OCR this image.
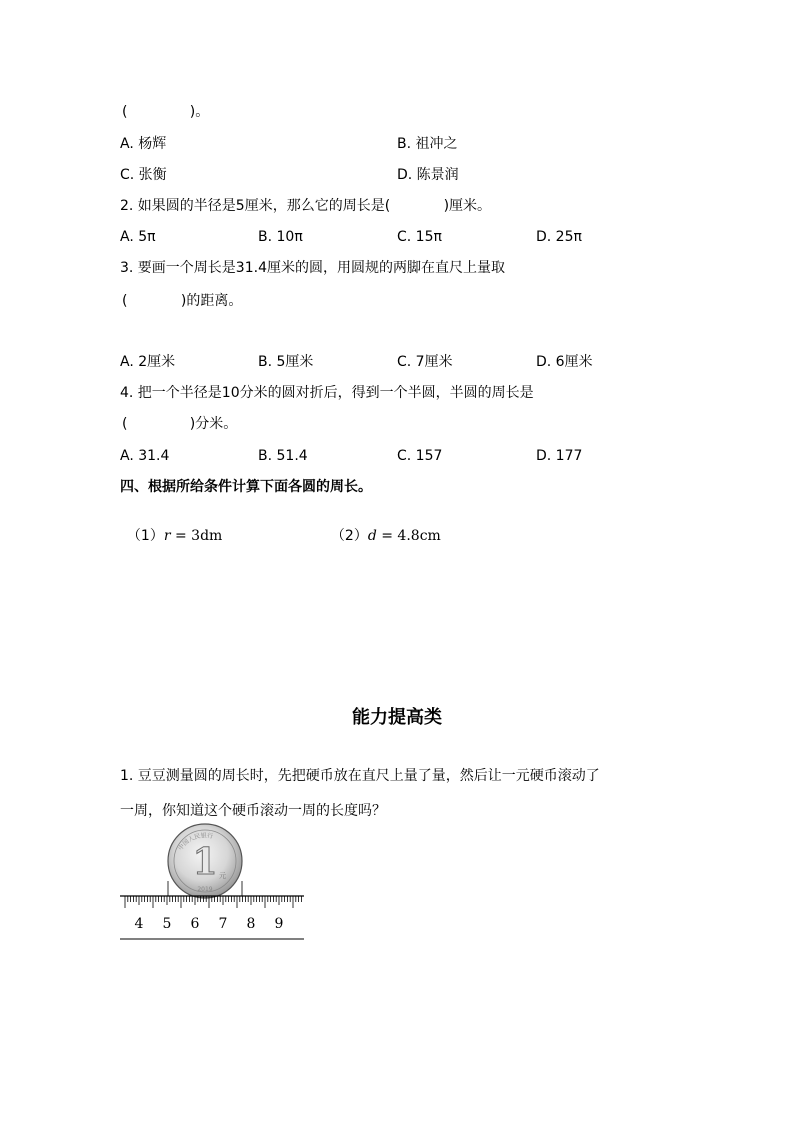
(              )。
A. 杨辉	B. 祖冲之
C. 张衡	D. 陈景润
2. 如果圆的半径是5厘米，那么它的周长是(            )厘米。
A. 5π	B. 10π	C. 15π	D. 25π
3. 要画一个周长是31.4厘米的圆，用圆规的两脚在直尺上量取
(            )的距离。
A. 2厘米	B. 5厘米	C. 7厘米	D. 6厘米
4. 把一个半径是10分米的圆对折后，得到一个半圆，半圆的周长是
(              )分米。
A. 31.4	B. 51.4	C. 157	D. 177
四、根据所给条件计算下面各圆的周长。

（1）r = 3dm	（2）d = 4.8cm

能力提高类
1. 豆豆测量圆的周长时，先把硬币放在直尺上量了量，然后让一元硬币滚动了
一周，你知道这个硬币滚动一周的长度吗？
1 元
2019
中国人民银行
4 5 6 7 8 9
